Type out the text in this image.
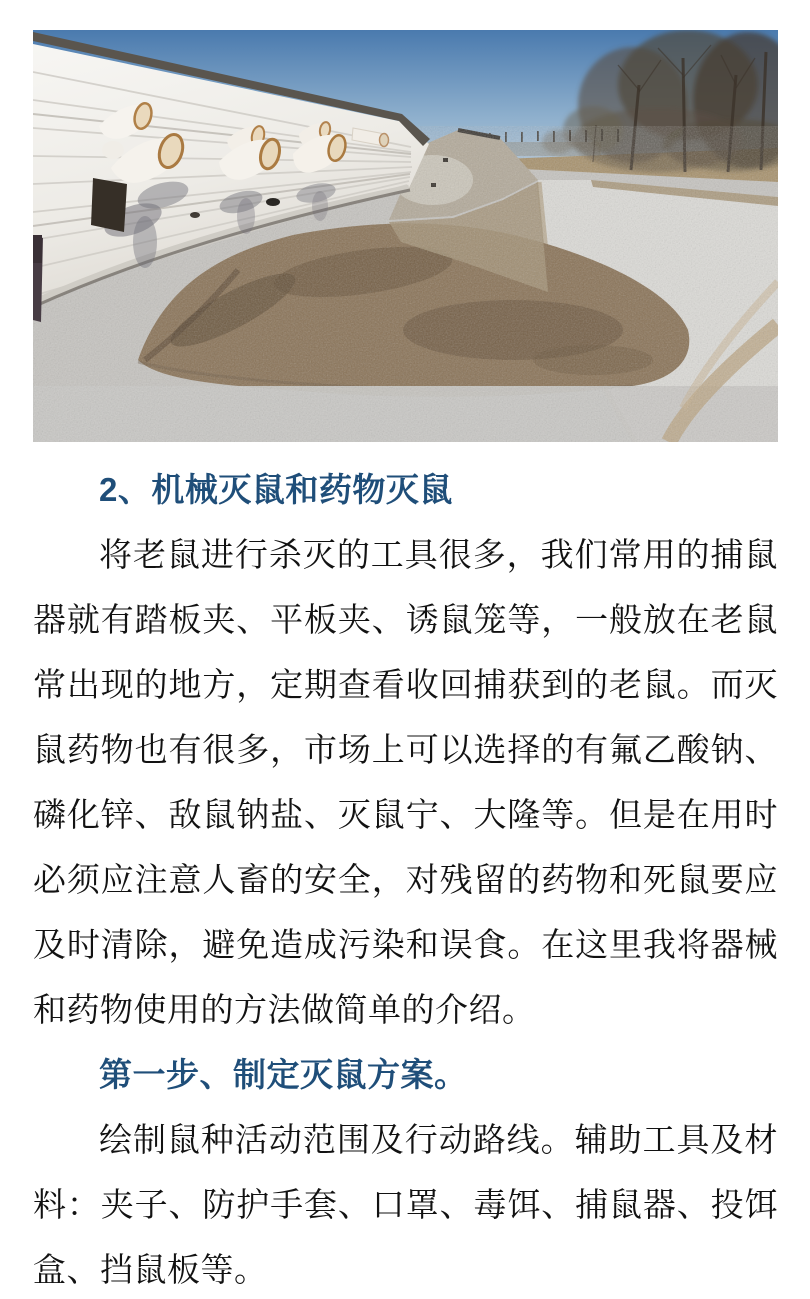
2、机械灭鼠和药物灭鼠

将老鼠进行杀灭的工具很多，我们常用的捕鼠器就有踏板夹、平板夹、诱鼠笼等，一般放在老鼠常出现的地方，定期查看收回捕获到的老鼠。而灭鼠药物也有很多，市场上可以选择的有氟乙酸钠、磷化锌、敌鼠钠盐、灭鼠宁、大隆等。但是在用时必须应注意人畜的安全，对残留的药物和死鼠要应及时清除，避免造成污染和误食。在这里我将器械和药物使用的方法做简单的介绍。

第一步、制定灭鼠方案。

绘制鼠种活动范围及行动路线。辅助工具及材料：夹子、防护手套、口罩、毒饵、捕鼠器、投饵盒、挡鼠板等。
